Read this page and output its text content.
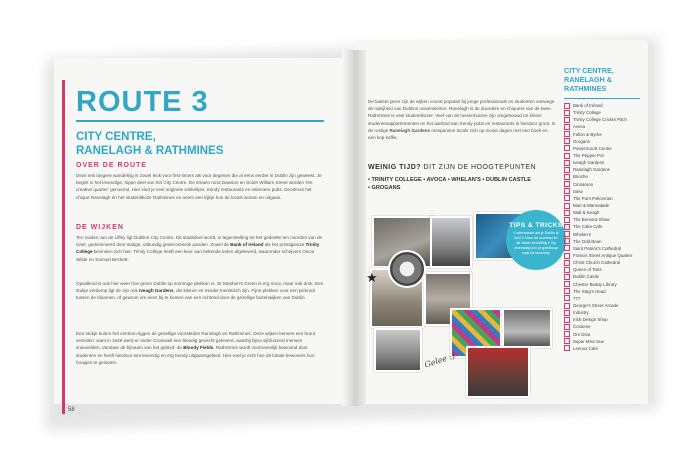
ROUTE 3
CITY CENTRE,
RANELAGH & RATHMINES
OVER DE ROUTE

Deze iets langere wandeling is zowel leuk voor first-timers als voor degenen die al eens eerder in Dublin zijn geweest. Je begint in het levendige, hippe deel van het City Centre. De straten rond Dawson en South William Street worden 'the creative quarter' genoemd. Hier vind je veel originele winkeltjes, trendy restaurants en intiemere pubs. Doorkruis het chique Ranelagh en het studentikoze Rathmines en neem een kijkje hoe de locals wonen en uitgaan.

DE WIJKEN

Ten zuiden van de Liffey ligt Dublins City Centre. Dit stadsdeel wordt, in tegenstelling tot het gedeelte ten noorden van de rivier, gedomineerd door statige, uitbundig gedecoreerde panden. Zowel de Bank of Ireland als het prestigieuze Trinity College bevinden zich hier. Trinity College heeft een keur aan bekende leden afgeleverd, waaronder schrijvers Oscar Wilde en Samuel Beckett.

Opvallend is ook hier weer hoe groen Dublin op sommige plekken is. St Stephen's Green is erg mooi, maar ook druk. Een stukje verderop ligt de zijn ook Iveagh Gardens, die kleiner en minder toeristisch zijn. Fijne plekken voor een picknick tussen de bloemen, of gewoon om even bij te komen van een ochtend door de gezellige buitenwijken van Dublin.

Een stukje buiten het centrum liggen de gezellige voorsteden Ranelagh en Rathmines. Deze wijken kennen een bruut verleden: want in 1649 werd er onder Cromwell een bloedig gevecht geleverd, waarbij bijna vijfduizend mensen sneuvelden. Vandaar de bijnaam van het gebied: de Bloody Fields. Rathmines wordt voornamelijk bewoond door studenten en heeft hierdoor een levendig en erg trendy uitgaansgebied. Hier voel je echt hoe de lokale bewoners hun hoopjes te genieten.

58

De laatste jaren zijn de wijken vooral populair bij jonge professionals en studenten vanwege de nabijheid van Dublins universiteiten. Ranelagh is de duurdere en chiquere van de twee. Rathmines is veel studentikozer. Veel van de tussenhuizen zijn omgebouwd tot kleine studentenappartementen en het aanbod aan trendy pubs en restaurants is hierdoor groot. In de rustige Ranelagh Gardens ontspannen locals zich op mooie dagen met een boek en een kop koffie.

WEINIG TIJD? DIT ZIJN DE HOOGTEPUNTEN

• TRINITY COLLEGE • AVOCA • WHELAN'S • DUBLIN CASTLE
• GROGANS

★
Gelee :)
TIPS & TRICKS
// Interessant als je Dublin al kent // Naar de voorstad en de lokale bevolking // Op woensdag kun je goedkoop naar de bioscoop
CITY CENTRE,
RANELAGH &
RATHMINES
Bank of Ireland
Trinity College
Trinity College Cricket Pitch
Avoca
Fallon & Byrne
Grogans
Powerscourt Centre
The Pepper Pot
Iveagh Gardens
Ranelagh Gardens
Brioche
Cinnamon
Siew
The Punt Policeman
Mart & Marmalade
Wall & Keogh
The Bernard Shaw
The Cake Cafe
Whelan's
The Odd Bean
Saint Patrick's Cathedral
Francis Street Antique Quarter
Christ Church Cathedral
Queen of Tarts
Dublin Castle
Chester Beatty Library
The Stag's Head
777
George's Street Arcade
Industry
Irish Design Shop
Costume
Om Diva
Super Miss Sue
Lennox Cafe
